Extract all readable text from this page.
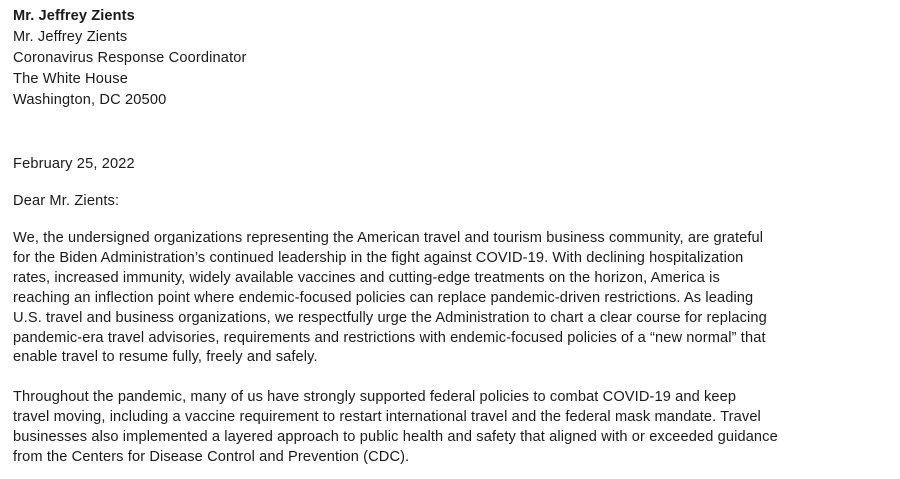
Mr. Jeffrey Zients
Mr. Jeffrey Zients
Coronavirus Response Coordinator
The White House
Washington, DC 20500
February 25, 2022
Dear Mr. Zients:
We, the undersigned organizations representing the American travel and tourism business community, are grateful
for the Biden Administration’s continued leadership in the fight against COVID-19. With declining hospitalization
rates, increased immunity, widely available vaccines and cutting-edge treatments on the horizon, America is
reaching an inflection point where endemic-focused policies can replace pandemic-driven restrictions. As leading
U.S. travel and business organizations, we respectfully urge the Administration to chart a clear course for replacing
pandemic-era travel advisories, requirements and restrictions with endemic-focused policies of a “new normal” that
enable travel to resume fully, freely and safely.
Throughout the pandemic, many of us have strongly supported federal policies to combat COVID-19 and keep
travel moving, including a vaccine requirement to restart international travel and the federal mask mandate. Travel
businesses also implemented a layered approach to public health and safety that aligned with or exceeded guidance
from the Centers for Disease Control and Prevention (CDC).
